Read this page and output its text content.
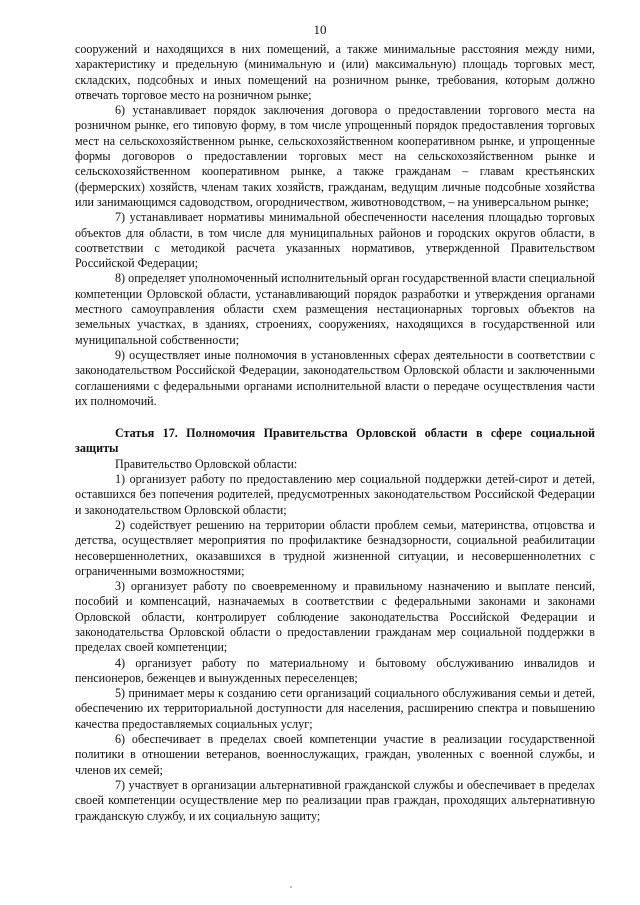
10

сооружений и находящихся в них помещений, а также минимальные расстояния между ними, характеристику и предельную (минимальную и (или) максимальную) площадь торговых мест, складских, подсобных и иных помещений на розничном рынке, требования, которым должно отвечать торговое место на розничном рынке;

6) устанавливает порядок заключения договора о предоставлении торгового места на розничном рынке, его типовую форму, в том числе упрощенный порядок предоставления торговых мест на сельскохозяйственном рынке, сельскохозяйственном кооперативном рынке, и упрощенные формы договоров о предоставлении торговых мест на сельскохозяйственном рынке и сельскохозяйственном кооперативном рынке, а также гражданам – главам крестьянских (фермерских) хозяйств, членам таких хозяйств, гражданам, ведущим личные подсобные хозяйства или занимающимся садоводством, огородничеством, животноводством, – на универсальном рынке;

7) устанавливает нормативы минимальной обеспеченности населения площадью торговых объектов для области, в том числе для муниципальных районов и городских округов области, в соответствии с методикой расчета указанных нормативов, утвержденной Правительством Российской Федерации;

8) определяет уполномоченный исполнительный орган государственной власти специальной компетенции Орловской области, устанавливающий порядок разработки и утверждения органами местного самоуправления области схем размещения нестационарных торговых объектов на земельных участках, в зданиях, строениях, сооружениях, находящихся в государственной или муниципальной собственности;

9) осуществляет иные полномочия в установленных сферах деятельности в соответствии с законодательством Российской Федерации, законодательством Орловской области и заключенными соглашениями с федеральными органами исполнительной власти о передаче осуществления части их полномочий.

Статья 17. Полномочия Правительства Орловской области в сфере социальной защиты

Правительство Орловской области:

1) организует работу по предоставлению мер социальной поддержки детей-сирот и детей, оставшихся без попечения родителей, предусмотренных законодательством Российской Федерации и законодательством Орловской области;

2) содействует решению на территории области проблем семьи, материнства, отцовства и детства, осуществляет мероприятия по профилактике безнадзорности, социальной реабилитации несовершеннолетних, оказавшихся в трудной жизненной ситуации, и несовершеннолетних с ограниченными возможностями;

3) организует работу по своевременному и правильному назначению и выплате пенсий, пособий и компенсаций, назначаемых в соответствии с федеральными законами и законами Орловской области, контролирует соблюдение законодательства Российской Федерации и законодательства Орловской области о предоставлении гражданам мер социальной поддержки в пределах своей компетенции;

4) организует работу по материальному и бытовому обслуживанию инвалидов и пенсионеров, беженцев и вынужденных переселенцев;

5) принимает меры к созданию сети организаций социального обслуживания семьи и детей, обеспечению их территориальной доступности для населения, расширению спектра и повышению качества предоставляемых социальных услуг;

6) обеспечивает в пределах своей компетенции участие в реализации государственной политики в отношении ветеранов, военнослужащих, граждан, уволенных с военной службы, и членов их семей;

7) участвует в организации альтернативной гражданской службы и обеспечивает в пределах своей компетенции осуществление мер по реализации прав граждан, проходящих альтернативную гражданскую службу, и их социальную защиту;
